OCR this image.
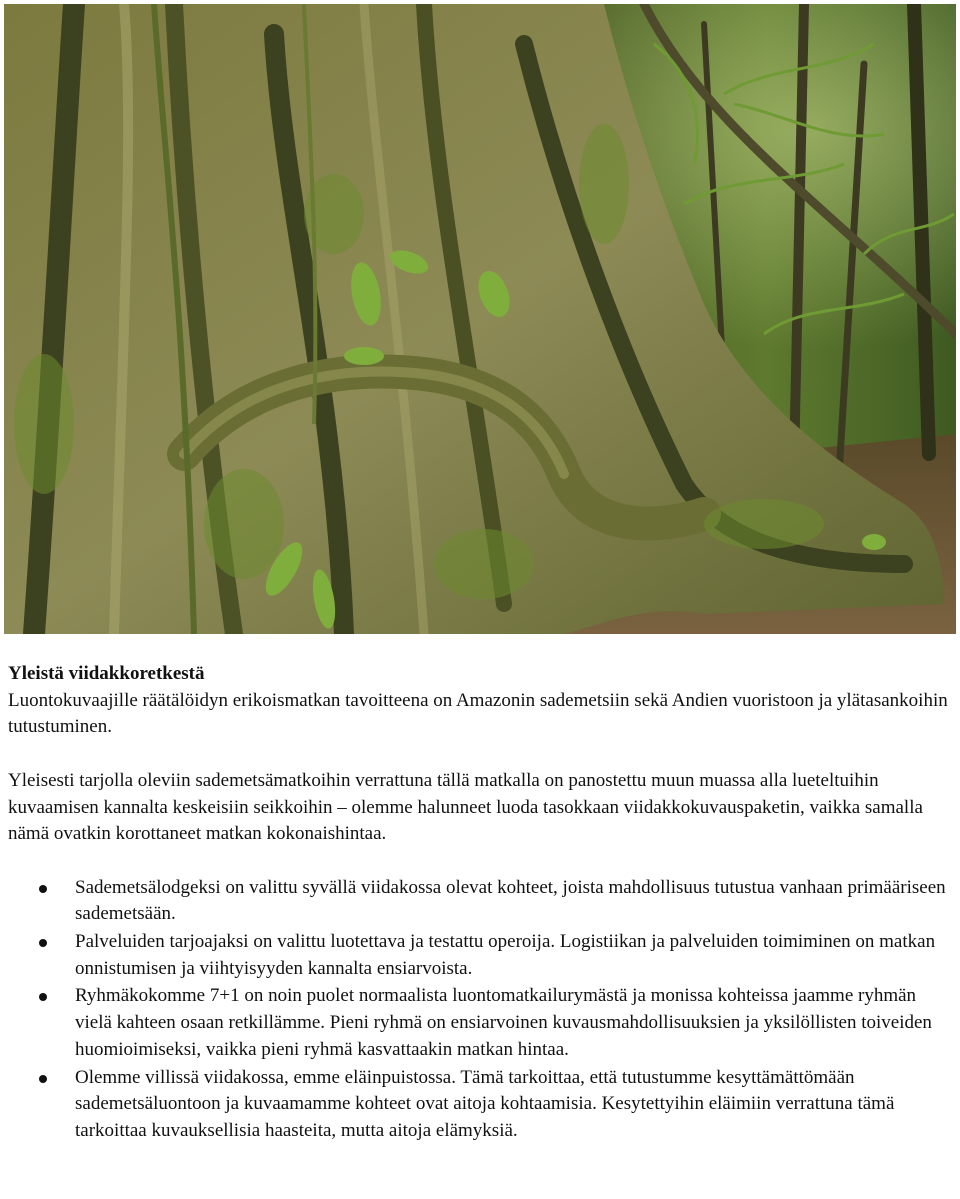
Yleistä viidakkoretkestä

Luontokuvaajille räätälöidyn erikoismatkan tavoitteena on Amazonin sademetsiin sekä Andien vuoristoon ja ylätasankoihin tutustuminen.

Yleisesti tarjolla oleviin sademetsämatkoihin verrattuna tällä matkalla on panostettu muun muassa alla lueteltuihin kuvaamisen kannalta keskeisiin seikkoihin – olemme halunneet luoda tasokkaan viidakkokuvauspaketin, vaikka samalla nämä ovatkin korottaneet matkan kokonaishintaa.

Sademetsälodgeksi on valittu syvällä viidakossa olevat kohteet, joista mahdollisuus tutustua vanhaan primääriseen sademetsään.
Palveluiden tarjoajaksi on valittu luotettava ja testattu operoija. Logistiikan ja palveluiden toimiminen on matkan onnistumisen ja viihtyisyyden kannalta ensiarvoista.
Ryhmäkokomme 7+1 on noin puolet normaalista luontomatkailurymästä ja monissa kohteissa jaamme ryhmän vielä kahteen osaan retkillämme. Pieni ryhmä on ensiarvoinen kuvausmahdollisuuksien ja yksilöllisten toiveiden huomioimiseksi, vaikka pieni ryhmä kasvattaakin matkan hintaa.
Olemme villissä viidakossa, emme eläinpuistossa. Tämä tarkoittaa, että tutustumme kesyttämättömään sademetsäluontoon ja kuvaamamme kohteet ovat aitoja kohtaamisia. Kesytettyihin eläimiin verrattuna tämä tarkoittaa kuvauksellisia haasteita, mutta aitoja elämyksiä.
